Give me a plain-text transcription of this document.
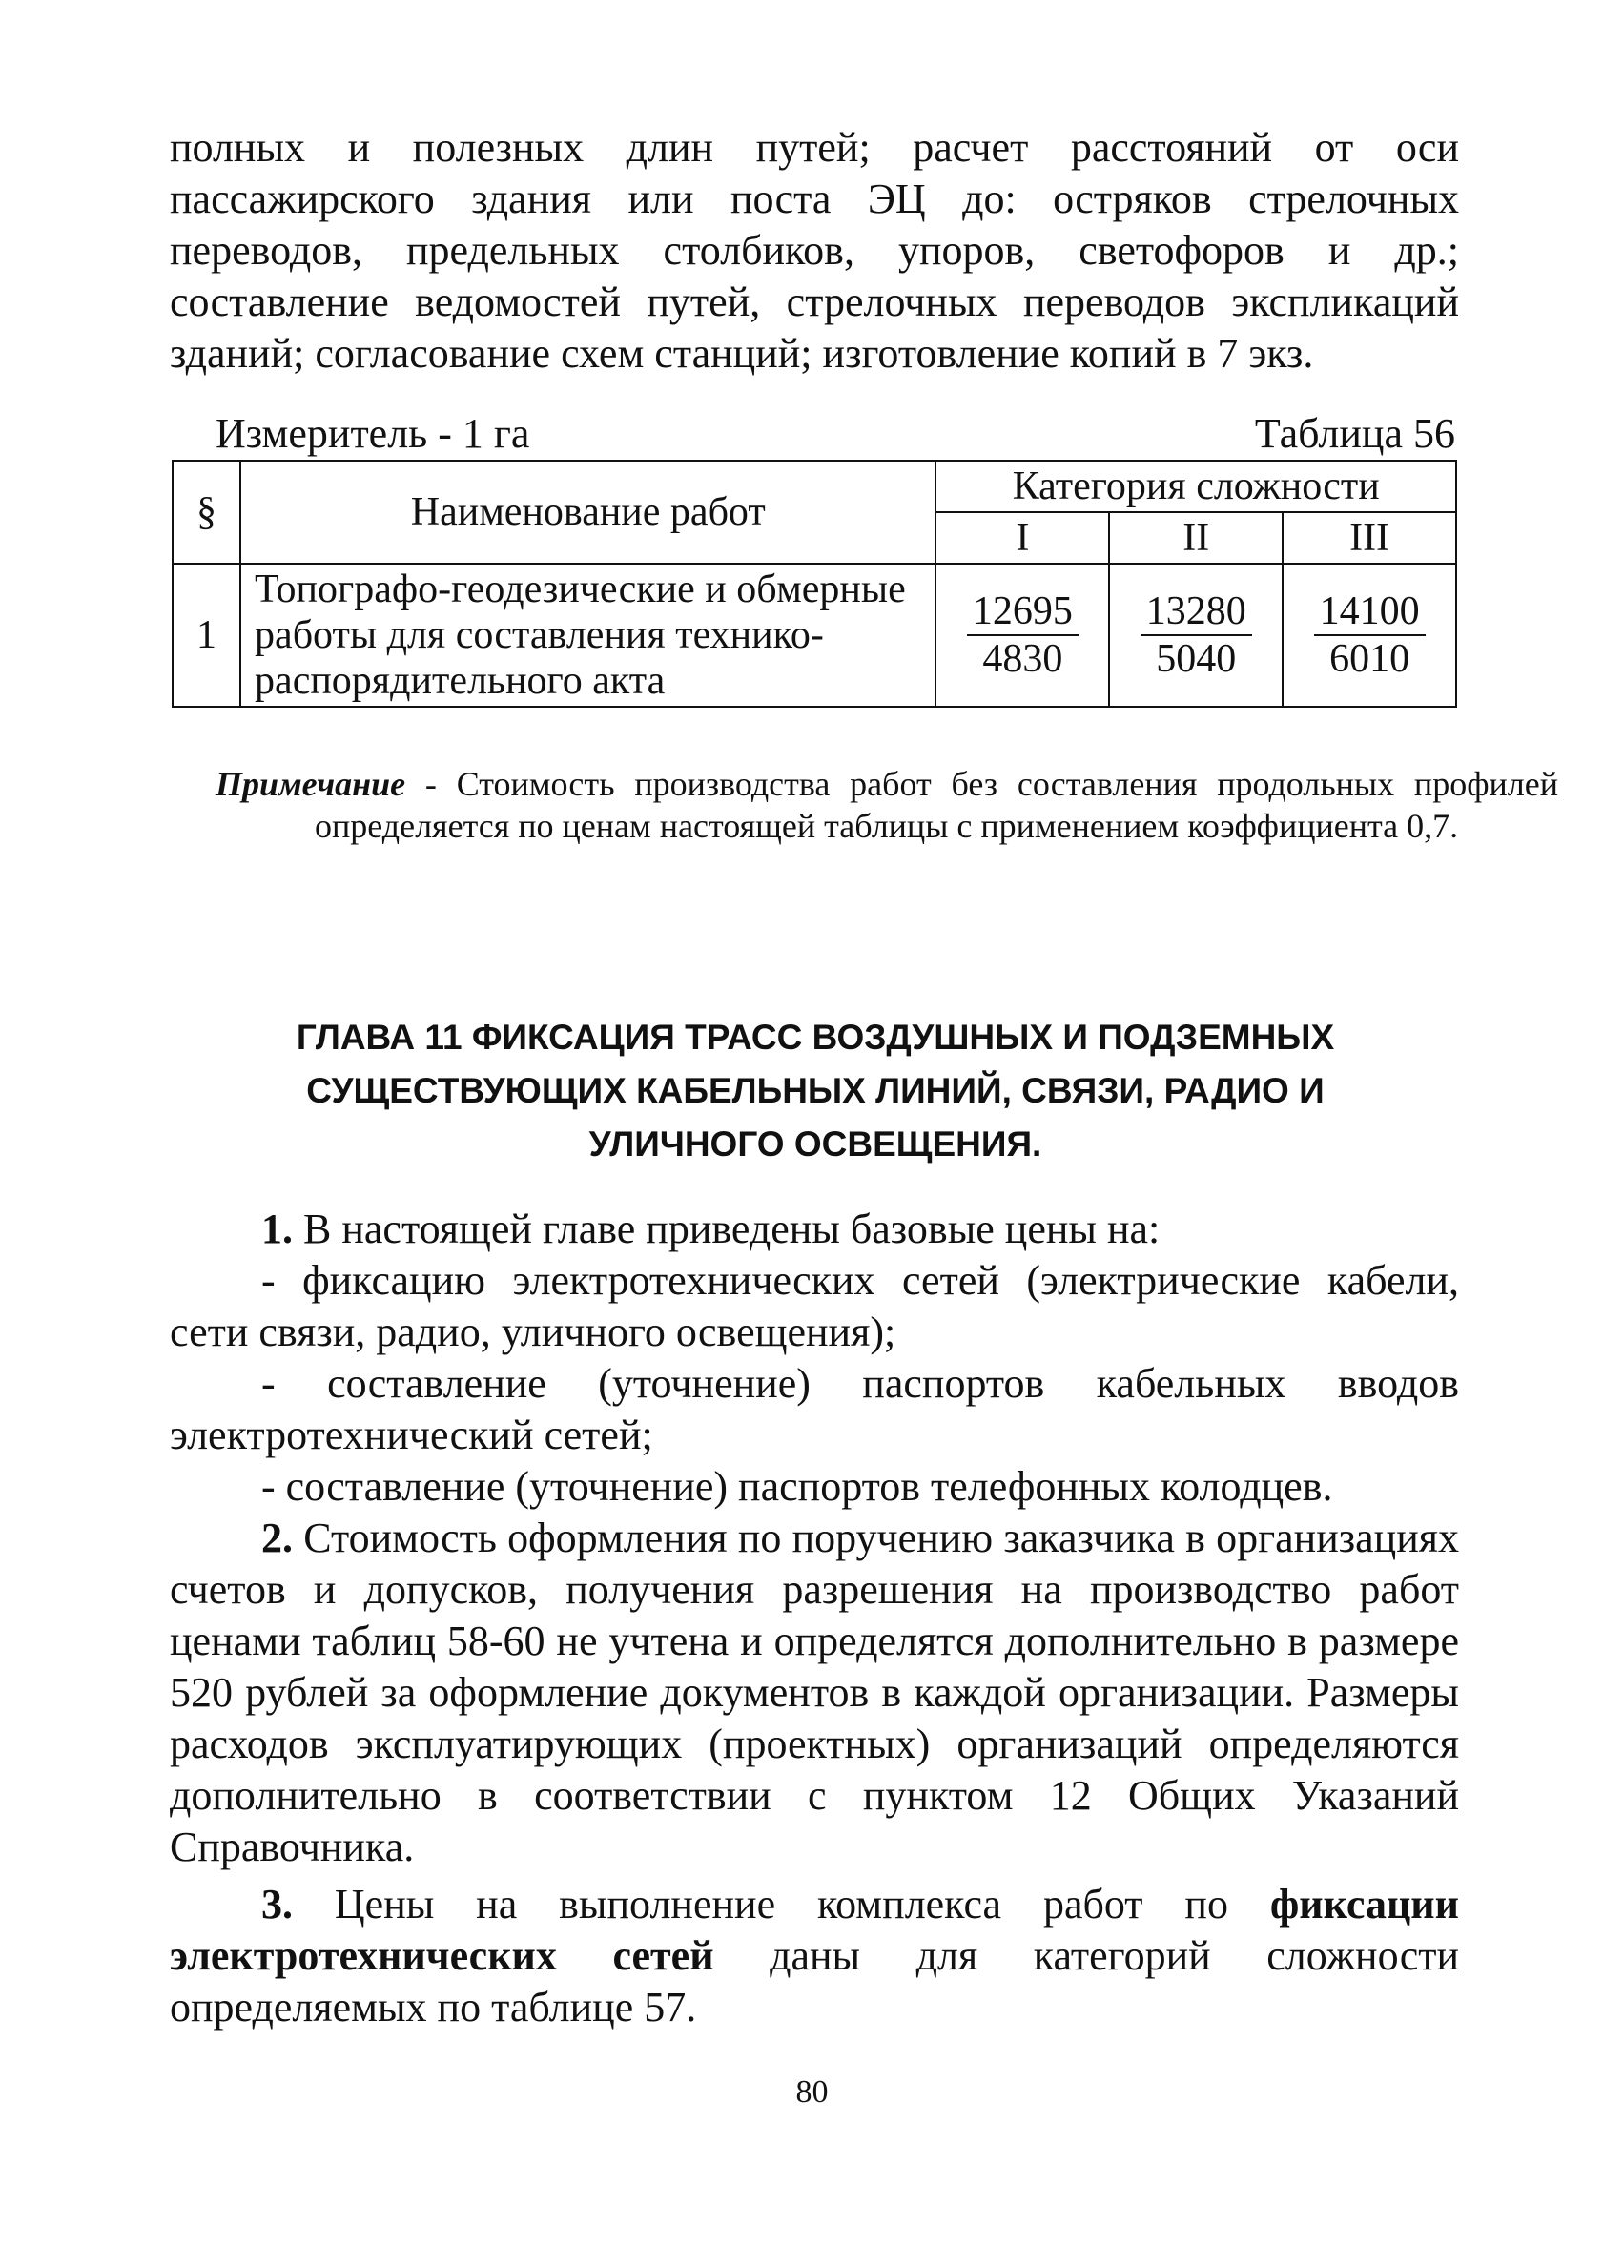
полных и полезных длин путей; расчет расстояний от оси пассажирского здания или поста ЭЦ до: остряков стрелочных переводов, предельных столбиков, упоров, светофоров и др.; составление ведомостей путей, стрелочных переводов экспликаций зданий; согласование схем станций; изготовление копий в 7 экз.
Измеритель - 1 га	Таблица 56
§	Наименование работ	Категория сложности		
		I	II	III
1	Топографо-геодезические и обмерные работы для составления технико-распорядительного акта	$\frac{12695}{4830}$	$\frac{13280}{5040}$	$\frac{14100}{6010}$
Примечание - Стоимость производства работ без составления продольных профилей определяется по ценам настоящей таблицы с применением коэффициента 0,7.
ГЛАВА 11 ФИКСАЦИЯ ТРАСС ВОЗДУШНЫХ И ПОДЗЕМНЫХ СУЩЕСТВУЮЩИХ КАБЕЛЬНЫХ ЛИНИЙ, СВЯЗИ, РАДИО И УЛИЧНОГО ОСВЕЩЕНИЯ.

1. В настоящей главе приведены базовые цены на:

- фиксацию электротехнических сетей (электрические кабели, сети связи, радио, уличного освещения);

- составление (уточнение) паспортов кабельных вводов электротехнический сетей;

- составление (уточнение) паспортов телефонных колодцев.

2. Стоимость оформления по поручению заказчика в организациях счетов и допусков, получения разрешения на производство работ ценами таблиц 58-60 не учтена и определятся дополнительно в размере 520 рублей за оформление документов в каждой организации. Размеры расходов эксплуатирующих (проектных) организаций определяются дополнительно в соответствии с пунктом 12 Общих Указаний Справочника.

3. Цены на выполнение комплекса работ по фиксации электротехнических сетей даны для категорий сложности определяемых по таблице 57.

80
